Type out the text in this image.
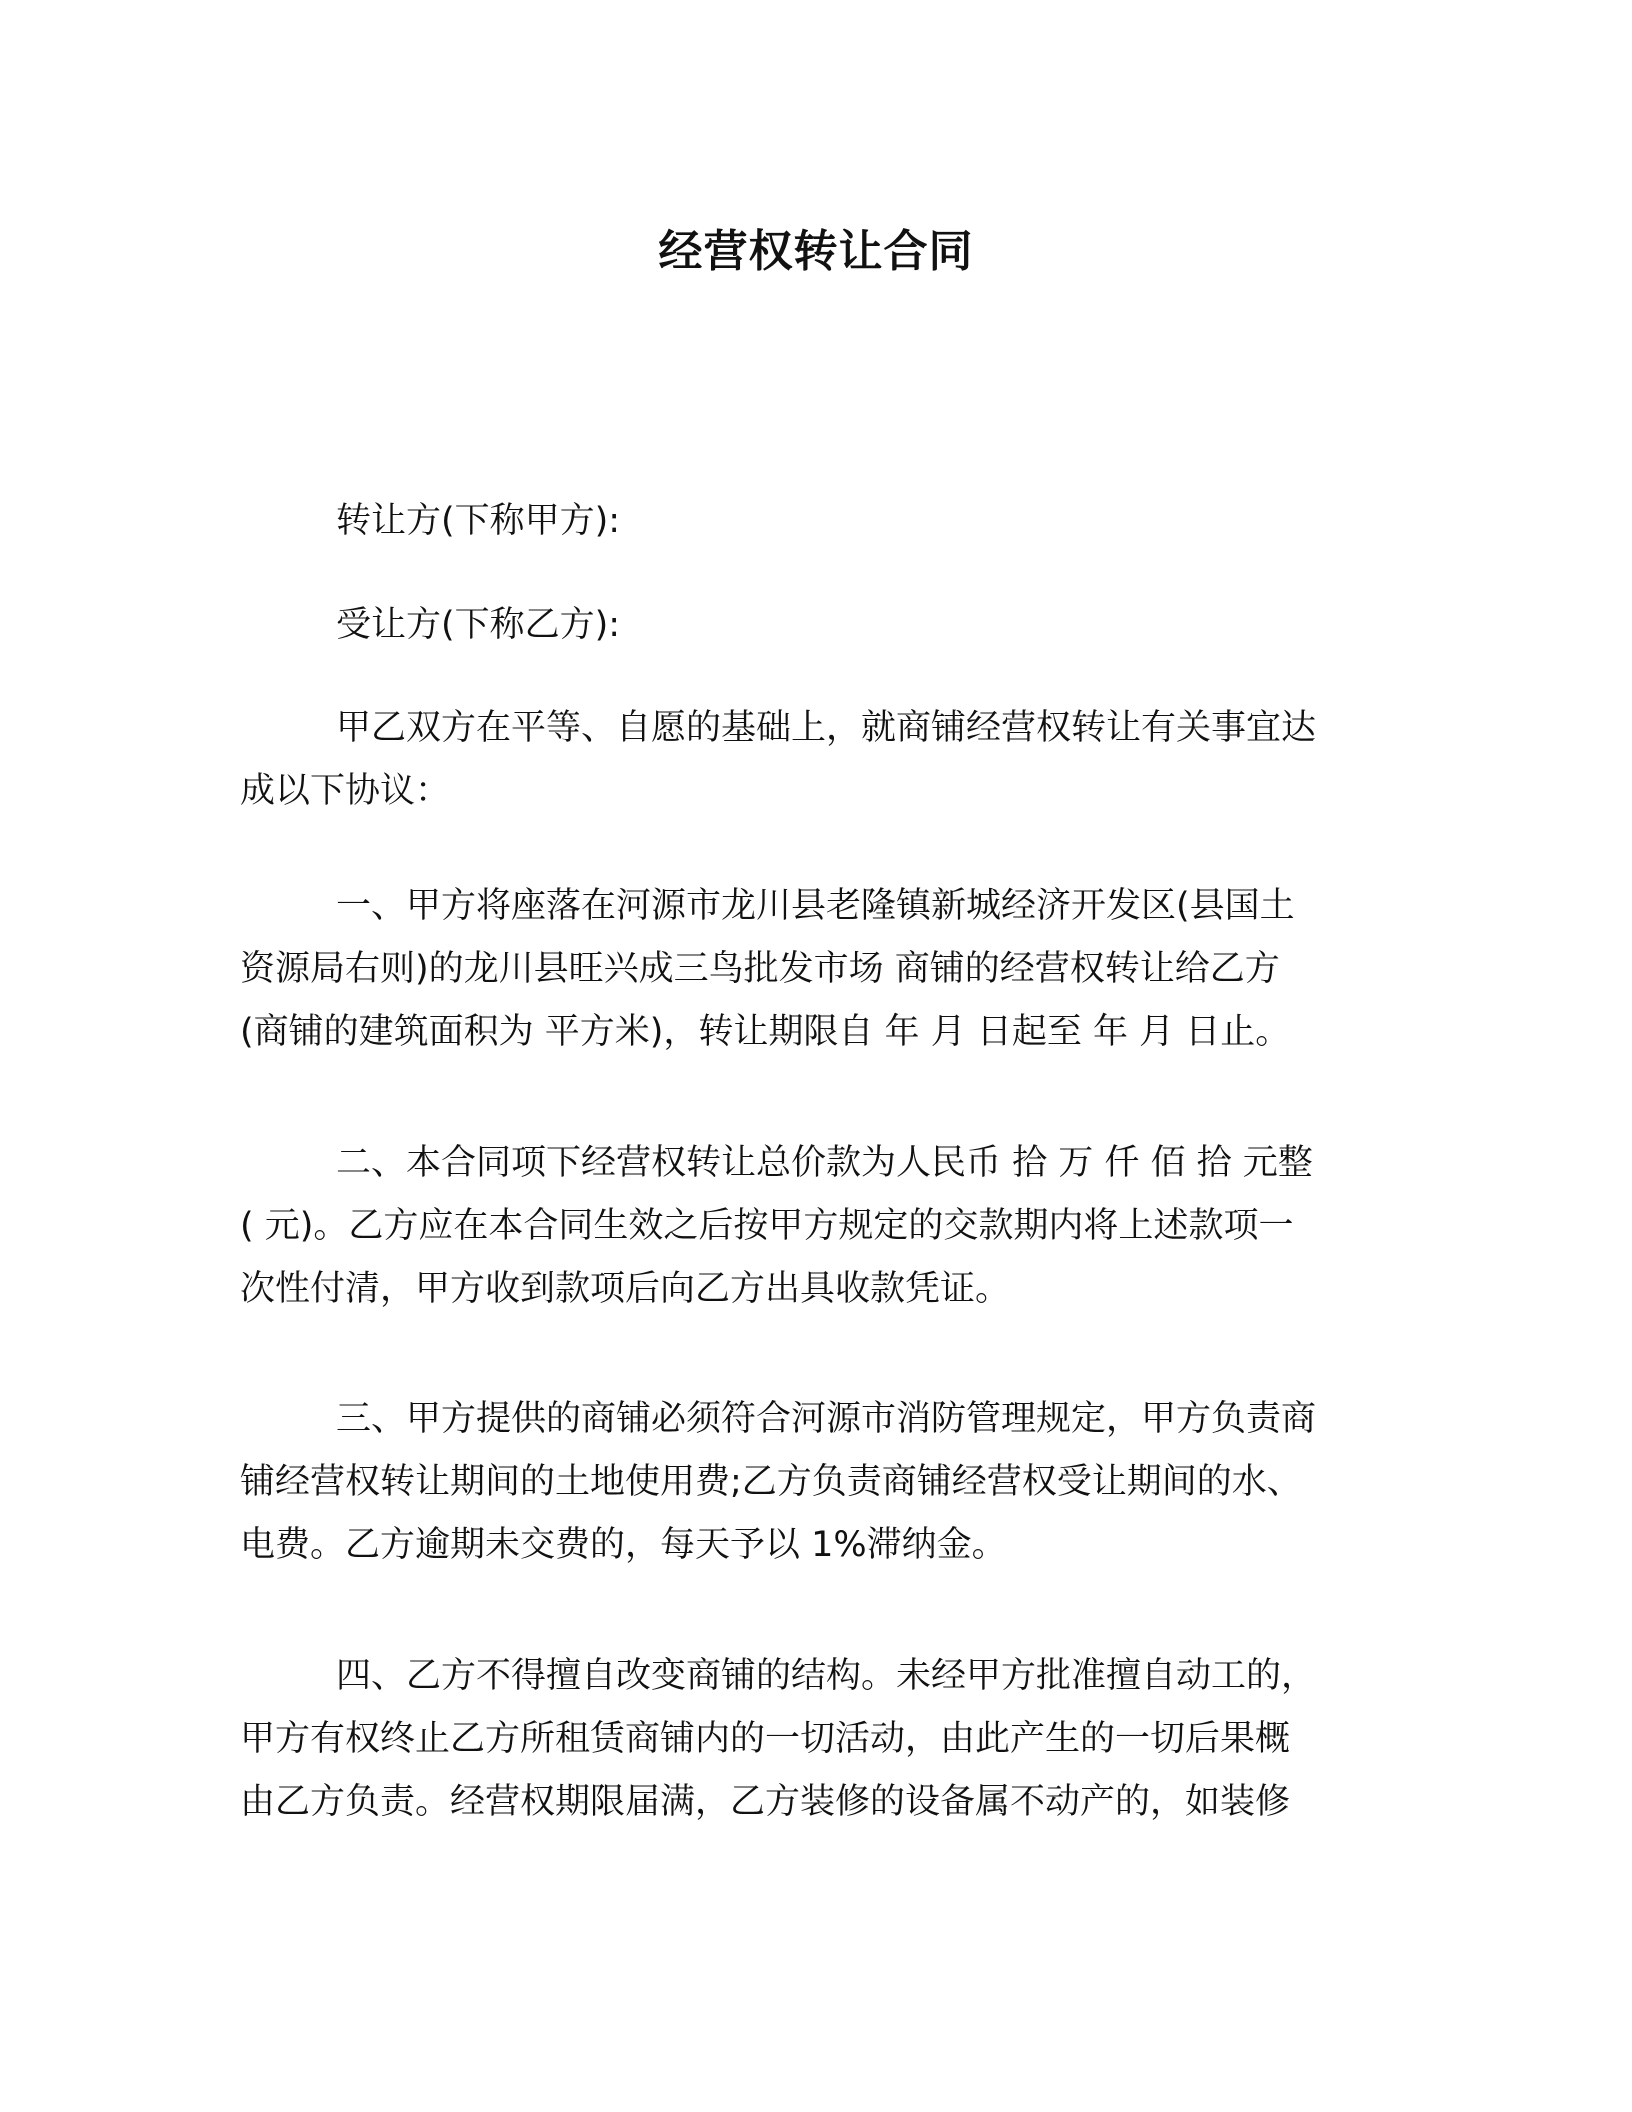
经营权转让合同
转让方(下称甲方):
受让方(下称乙方):
甲乙双方在平等、自愿的基础上，就商铺经营权转让有关事宜达
成以下协议：
一、甲方将座落在河源市龙川县老隆镇新城经济开发区(县国土
资源局右则)的龙川县旺兴成三鸟批发市场 商铺的经营权转让给乙方
(商铺的建筑面积为 平方米)，转让期限自 年 月 日起至 年 月 日止。
二、本合同项下经营权转让总价款为人民币 拾 万 仟 佰 拾 元整
( 元)。乙方应在本合同生效之后按甲方规定的交款期内将上述款项一
次性付清，甲方收到款项后向乙方出具收款凭证。
三、甲方提供的商铺必须符合河源市消防管理规定，甲方负责商
铺经营权转让期间的土地使用费;乙方负责商铺经营权受让期间的水、
电费。乙方逾期未交费的，每天予以 1%滞纳金。
四、乙方不得擅自改变商铺的结构。未经甲方批准擅自动工的，
甲方有权终止乙方所租赁商铺内的一切活动，由此产生的一切后果概
由乙方负责。经营权期限届满，乙方装修的设备属不动产的，如装修
